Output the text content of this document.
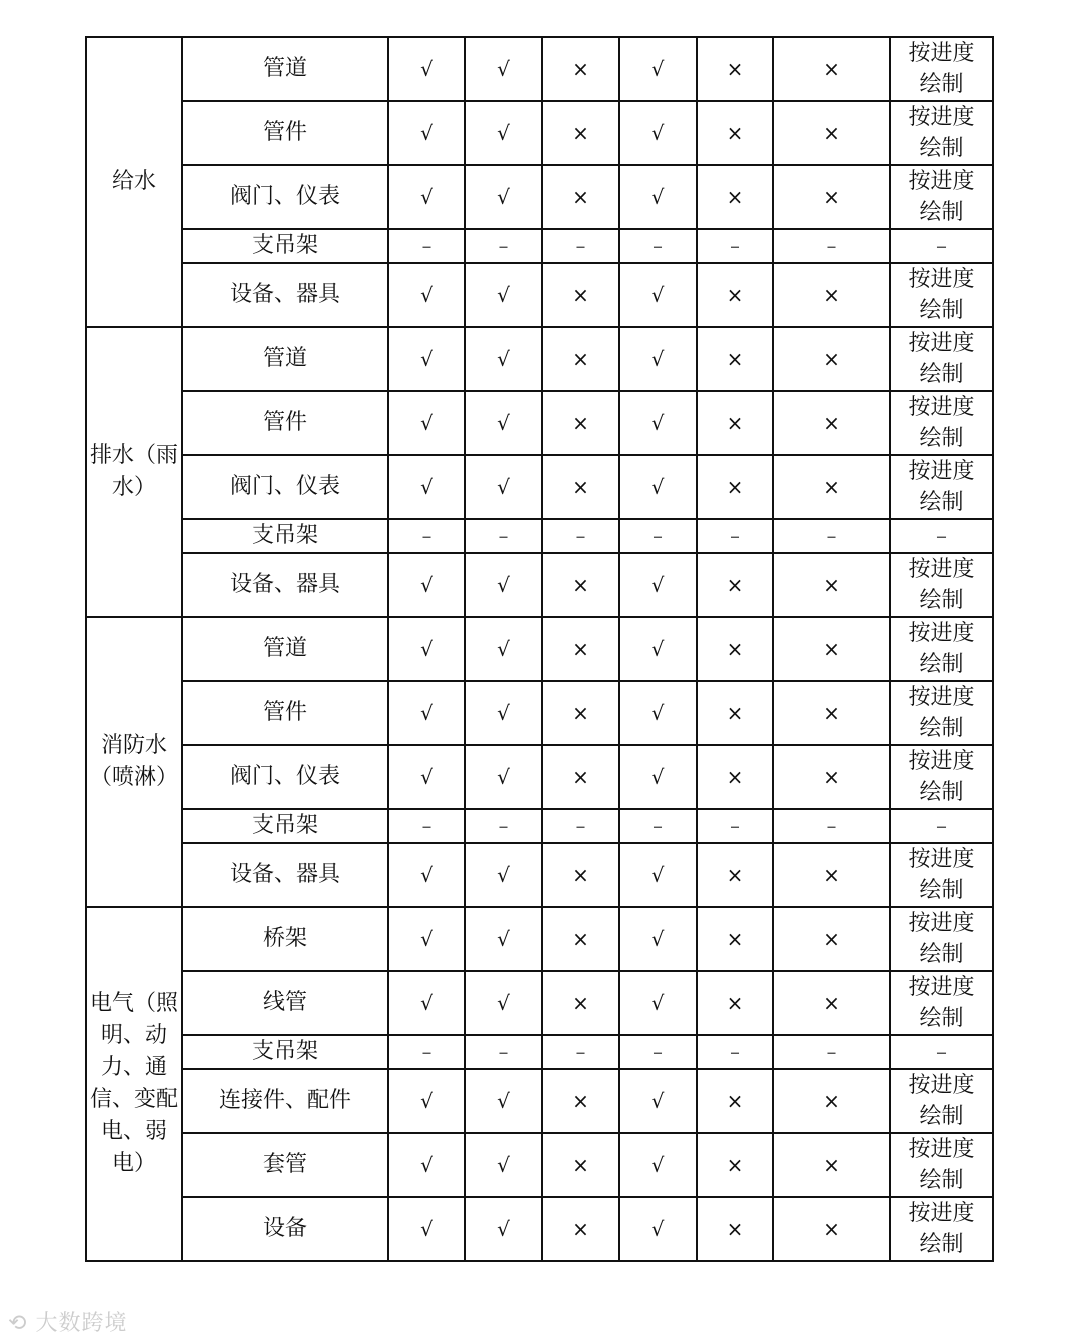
给水	管道	√	√	×	√	×	×	按进度绘制
	管件	√	√	×	√	×	×	按进度绘制
	阀门、仪表	√	√	×	√	×	×	按进度绘制
	支吊架	–	–	–	–	–	–	–
	设备、器具	√	√	×	√	×	×	按进度绘制
排水（雨水）	管道	√	√	×	√	×	×	按进度绘制
	管件	√	√	×	√	×	×	按进度绘制
	阀门、仪表	√	√	×	√	×	×	按进度绘制
	支吊架	–	–	–	–	–	–	–
	设备、器具	√	√	×	√	×	×	按进度绘制
消防水（喷淋）	管道	√	√	×	√	×	×	按进度绘制
	管件	√	√	×	√	×	×	按进度绘制
	阀门、仪表	√	√	×	√	×	×	按进度绘制
	支吊架	–	–	–	–	–	–	–
	设备、器具	√	√	×	√	×	×	按进度绘制
电气（照明、动力、通信、变配电、弱电）	桥架	√	√	×	√	×	×	按进度绘制
	线管	√	√	×	√	×	×	按进度绘制
	支吊架	–	–	–	–	–	–	–
	连接件、配件	√	√	×	√	×	×	按进度绘制
	套管	√	√	×	√	×	×	按进度绘制
	设备	√	√	×	√	×	×	按进度绘制
⟲ 大数跨境
